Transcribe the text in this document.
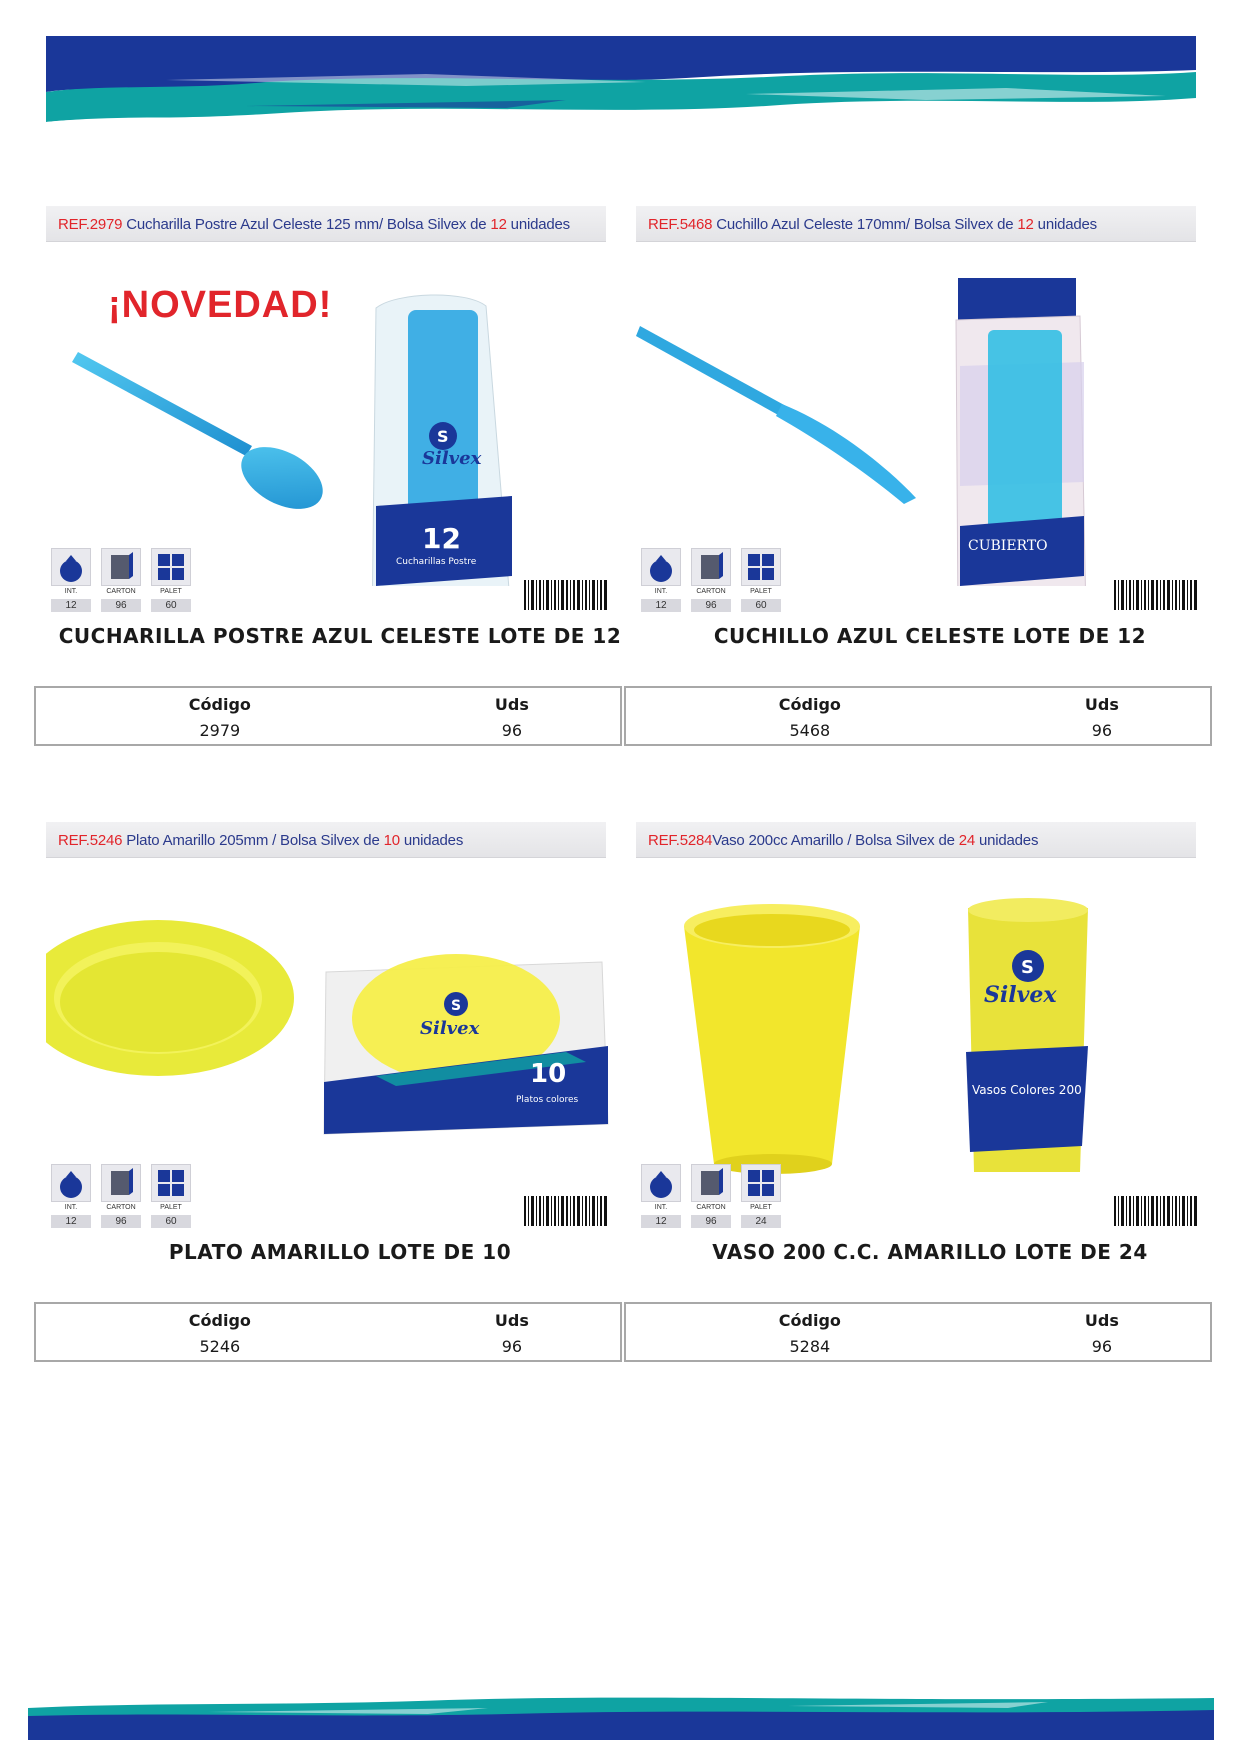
REF.2979 Cucharilla Postre Azul Celeste 125 mm/ Bolsa Silvex de 12 unidades
¡NOVEDAD!
S
Silvex
12
Cucharillas Postre
INT.
12
CARTON
96
PALET
60
CUCHARILLA POSTRE AZUL CELESTE LOTE DE 12
Código	Uds
2979	96
REF.5468 Cuchillo Azul Celeste 170mm/ Bolsa Silvex de 12 unidades
CUBIERTO
INT.
12
CARTON
96
PALET
60
CUCHILLO AZUL CELESTE LOTE DE 12
Código	Uds
5468	96
REF.5246 Plato Amarillo 205mm / Bolsa Silvex de 10 unidades
S
Silvex
10
Platos colores
INT.
12
CARTON
96
PALET
60
PLATO AMARILLO LOTE DE 10
Código	Uds
5246	96
REF.5284Vaso 200cc Amarillo / Bolsa Silvex de 24 unidades
S
Silvex
Vasos Colores 200 c.c.
INT.
12
CARTON
96
PALET
24
VASO 200 C.C. AMARILLO LOTE DE 24
Código	Uds
5284	96
